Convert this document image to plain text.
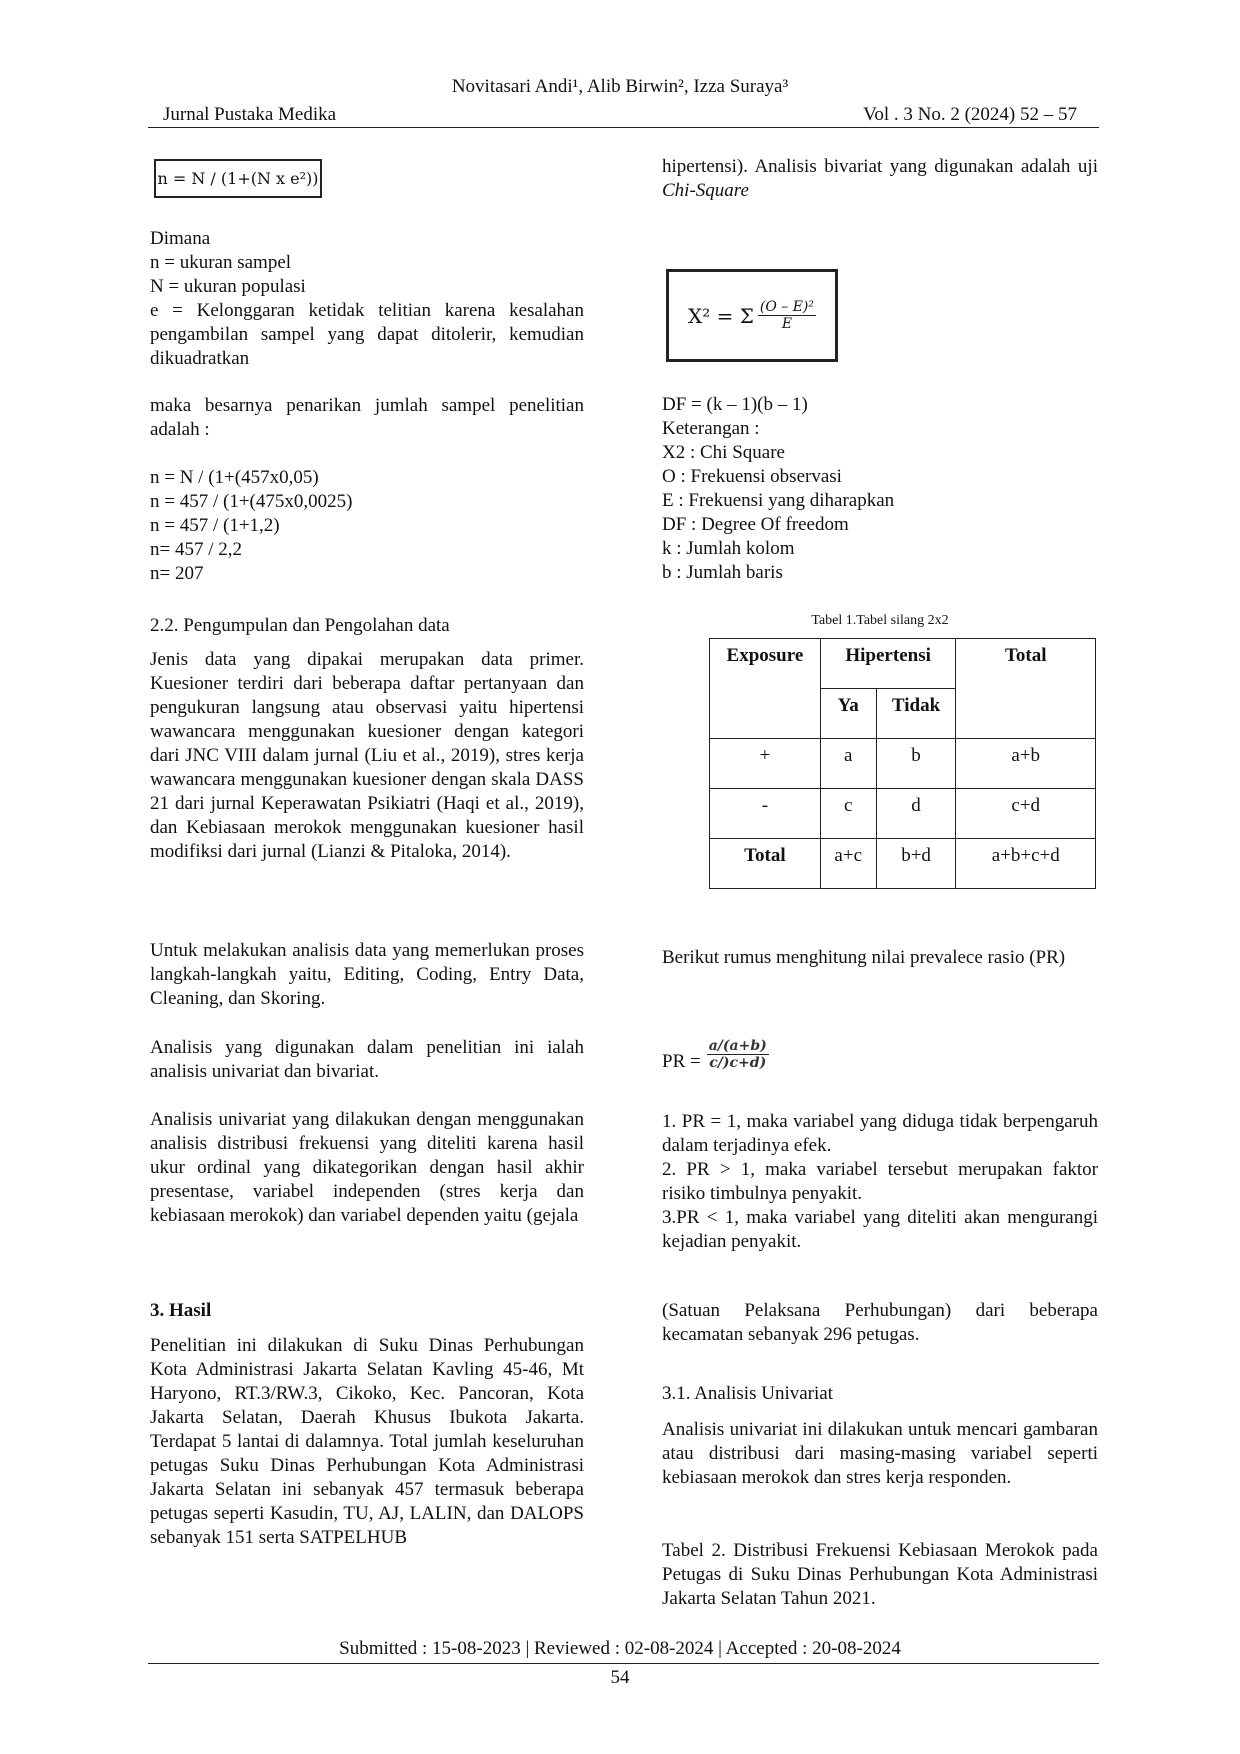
Novitasari Andi¹, Alib Birwin², Izza Suraya³
Jurnal Pustaka Medika	Vol . 3 No. 2 (2024) 52 – 57
n = N / (1+(N x e²))
Dimana
n = ukuran sampel
N = ukuran populasi
e = Kelonggaran ketidak telitian karena kesalahan pengambilan sampel yang dapat ditolerir, kemudian dikuadratkan

maka besarnya penarikan jumlah sampel penelitian adalah :

n = N / (1+(457x0,05)
n = 457 / (1+(475x0,0025)
n = 457 / (1+1,2)
n= 457 / 2,2
n= 207
2.2. Pengumpulan dan Pengolahan data

Jenis data yang dipakai merupakan data primer. Kuesioner terdiri dari beberapa daftar pertanyaan dan pengukuran langsung atau observasi yaitu hipertensi wawancara menggunakan kuesioner dengan kategori dari JNC VIII dalam jurnal (Liu et al., 2019), stres kerja wawancara menggunakan kuesioner dengan skala DASS 21 dari jurnal Keperawatan Psikiatri (Haqi et al., 2019), dan Kebiasaan merokok menggunakan kuesioner hasil modifiksi dari jurnal (Lianzi & Pitaloka, 2014).

Untuk melakukan analisis data yang memerlukan proses langkah-langkah yaitu, Editing, Coding, Entry Data, Cleaning, dan Skoring.

Analisis yang digunakan dalam penelitian ini ialah analisis univariat dan bivariat.

Analisis univariat yang dilakukan dengan menggunakan analisis distribusi frekuensi yang diteliti karena hasil ukur ordinal yang dikategorikan dengan hasil akhir presentase, variabel independen (stres kerja dan kebiasaan merokok) dan variabel dependen yaitu (gejala

3. Hasil

Penelitian ini dilakukan di Suku Dinas Perhubungan Kota Administrasi Jakarta Selatan Kavling 45-46, Mt Haryono, RT.3/RW.3, Cikoko, Kec. Pancoran, Kota Jakarta Selatan, Daerah Khusus Ibukota Jakarta. Terdapat 5 lantai di dalamnya. Total jumlah keseluruhan petugas Suku Dinas Perhubungan Kota Administrasi Jakarta Selatan ini sebanyak 457 termasuk beberapa petugas seperti Kasudin, TU, AJ, LALIN, dan DALOPS sebanyak 151 serta SATPELHUB

hipertensi). Analisis bivariat yang digunakan adalah uji Chi-Square

X² = Σ $\frac{\text{(O – E)²}}{E}$
DF = (k – 1)(b – 1)
Keterangan :
X2 : Chi Square
O : Frekuensi observasi
E : Frekuensi yang diharapkan
DF : Degree Of freedom
k : Jumlah kolom
b : Jumlah baris
Tabel 1.Tabel silang 2x2
Exposure	Hipertensi		Total
	Ya	Tidak	
+	a	b	a+b
-	c	d	c+d
Total	a+c	b+d	a+b+c+d

Berikut rumus menghitung nilai prevalece rasio (PR)

PR = $\frac{a/(a+b)}{c/)c+d)}$

1. PR = 1, maka variabel yang diduga tidak berpengaruh dalam terjadinya efek.

2. PR > 1, maka variabel tersebut merupakan faktor risiko timbulnya penyakit.

3.PR < 1, maka variabel yang diteliti akan mengurangi kejadian penyakit.

(Satuan Pelaksana Perhubungan) dari beberapa kecamatan sebanyak 296 petugas.

3.1. Analisis Univariat

Analisis univariat ini dilakukan untuk mencari gambaran atau distribusi dari masing-masing variabel seperti kebiasaan merokok dan stres kerja responden.

Tabel 2. Distribusi Frekuensi Kebiasaan Merokok pada Petugas di Suku Dinas Perhubungan Kota Administrasi Jakarta Selatan Tahun 2021.

Submitted : 15-08-2023 | Reviewed : 02-08-2024 | Accepted : 20-08-2024
54
